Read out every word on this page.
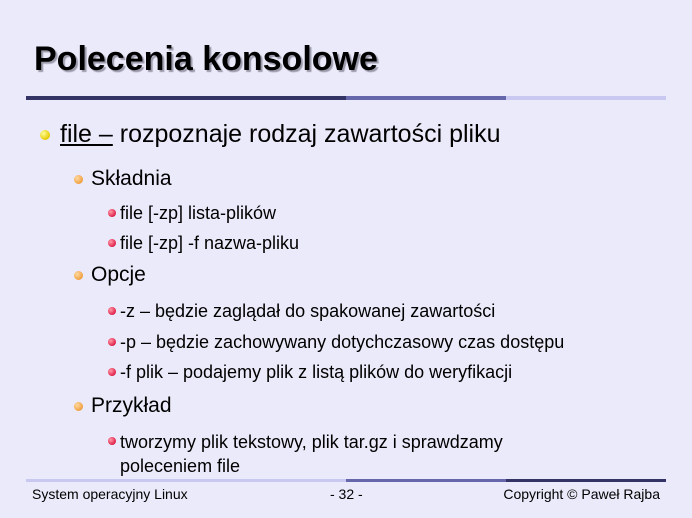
Polecenia konsolowe
file – rozpoznaje rodzaj zawartości pliku
Składnia
file [-zp] lista-plików
file [-zp] -f nazwa-pliku
Opcje
-z – będzie zaglądał do spakowanej zawartości
-p – będzie zachowywany dotychczasowy czas dostępu
-f plik – podajemy plik z listą plików do weryfikacji
Przykład
tworzymy plik tekstowy, plik tar.gz i sprawdzamy poleceniem file
System operacyjny Linux	- 32 -	Copyright © Paweł Rajba
